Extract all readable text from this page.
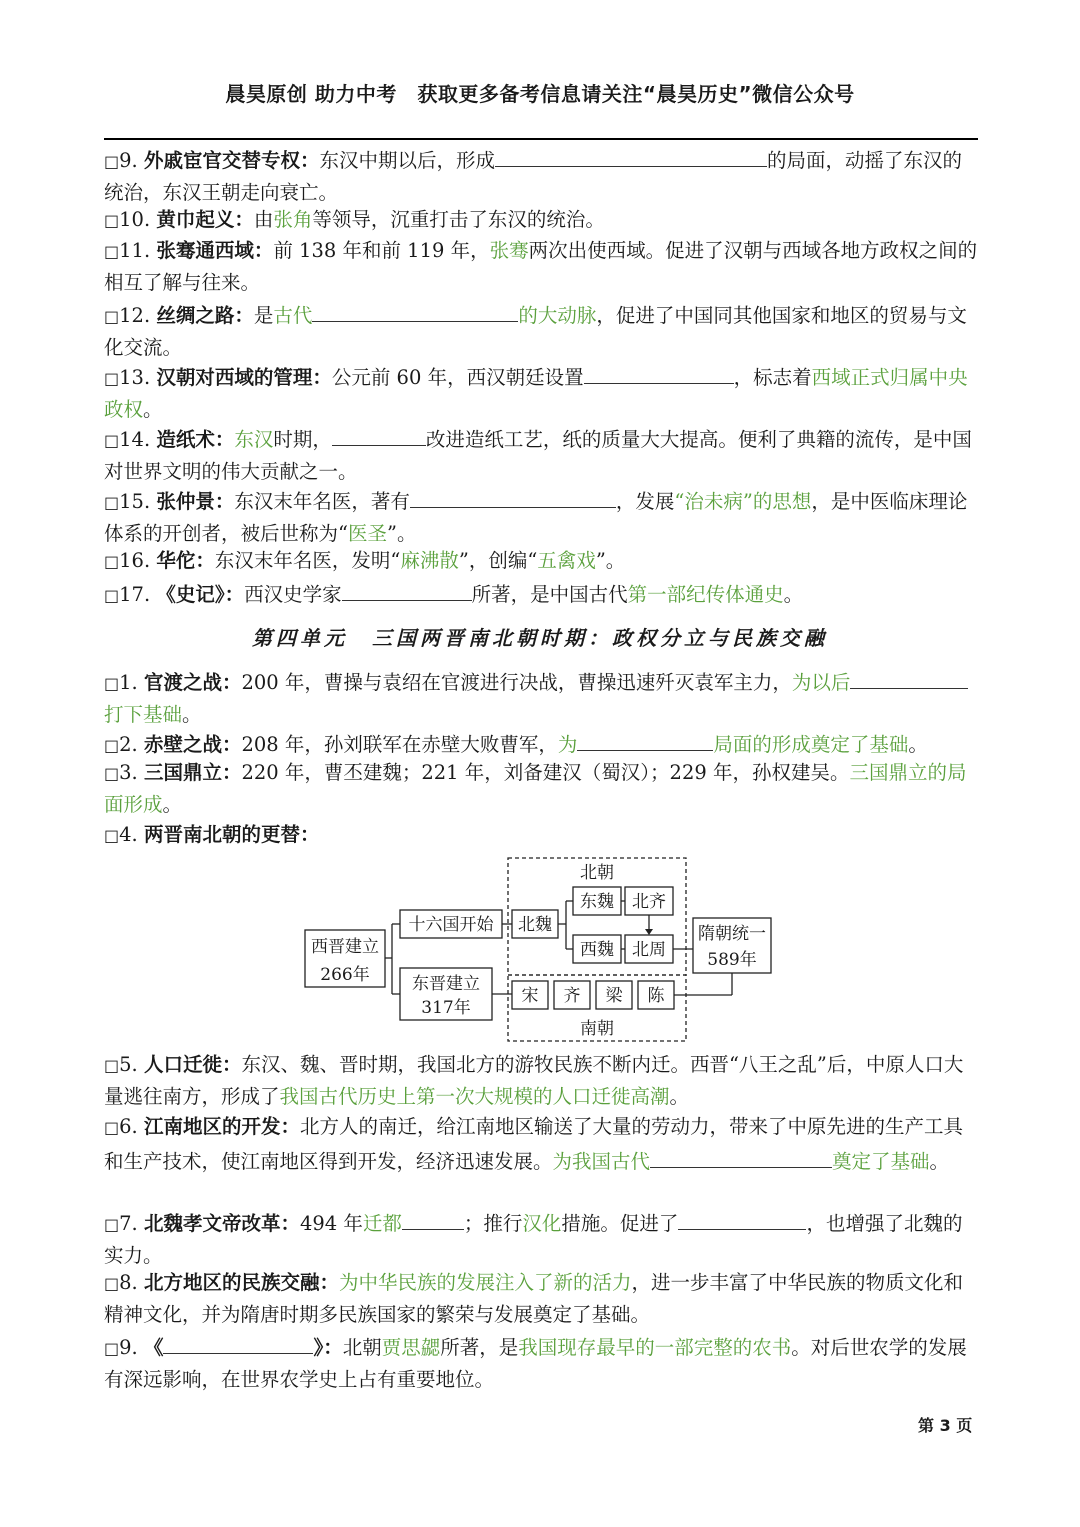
晨昊原创 助力中考　获取更多备考信息请关注“晨昊历史”微信公众号

□9. 外戚宦官交替专权：东汉中期以后，形成	的局面，动摇了东汉的统治，东汉王朝走向衰亡。

□10. 黄巾起义：由张角等领导，沉重打击了东汉的统治。

□11. 张骞通西域：前 138 年和前 119 年，张骞两次出使西域。促进了汉朝与西域各地方政权之间的相互了解与往来。

□12. 丝绸之路：是古代	的大动脉，促进了中国同其他国家和地区的贸易与文化交流。

□13. 汉朝对西域的管理：公元前 60 年，西汉朝廷设置	，标志着西域正式归属中央政权。

□14. 造纸术：东汉时期，	改进造纸工艺，纸的质量大大提高。便利了典籍的流传，是中国对世界文明的伟大贡献之一。

□15. 张仲景：东汉末年名医，著有	，发展“治未病”的思想，是中医临床理论体系的开创者，被后世称为“医圣”。

□16. 华佗：东汉末年名医，发明“麻沸散”，创编“五禽戏”。

□17. 《史记》：西汉史学家	所著，是中国古代第一部纪传体通史。

第四单元　三国两晋南北朝时期：政权分立与民族交融

□1. 官渡之战：200 年，曹操与袁绍在官渡进行决战，曹操迅速歼灭袁军主力，为以后打下基础。

□2. 赤壁之战：208 年，孙刘联军在赤壁大败曹军，为	局面的形成奠定了基础。

□3. 三国鼎立：220 年，曹丕建魏；221 年，刘备建汉（蜀汉）；229 年，孙权建吴。三国鼎立的局面形成。

□4. 两晋南北朝的更替：

西晋建立
266年
十六国开始
东晋建立
317年
北朝
北魏
东魏 北齐
西魏 北周
宋 齐 梁 陈
南朝
隋朝统一
589年

□5. 人口迁徙：东汉、魏、晋时期，我国北方的游牧民族不断内迁。西晋“八王之乱”后，中原人口大量逃往南方，形成了我国古代历史上第一次大规模的人口迁徙高潮。

□6. 江南地区的开发：北方人的南迁，给江南地区输送了大量的劳动力，带来了中原先进的生产工具和生产技术，使江南地区得到开发，经济迅速发展。为我国古代	奠定了基础。

□7. 北魏孝文帝改革：494 年迁都	；推行汉化措施。促进了	，也增强了北魏的实力。

□8. 北方地区的民族交融：为中华民族的发展注入了新的活力，进一步丰富了中华民族的物质文化和精神文化，并为隋唐时期多民族国家的繁荣与发展奠定了基础。

□9. 《	》：北朝贾思勰所著，是我国现存最早的一部完整的农书。对后世农学的发展有深远影响，在世界农学史上占有重要地位。

第 3 页
